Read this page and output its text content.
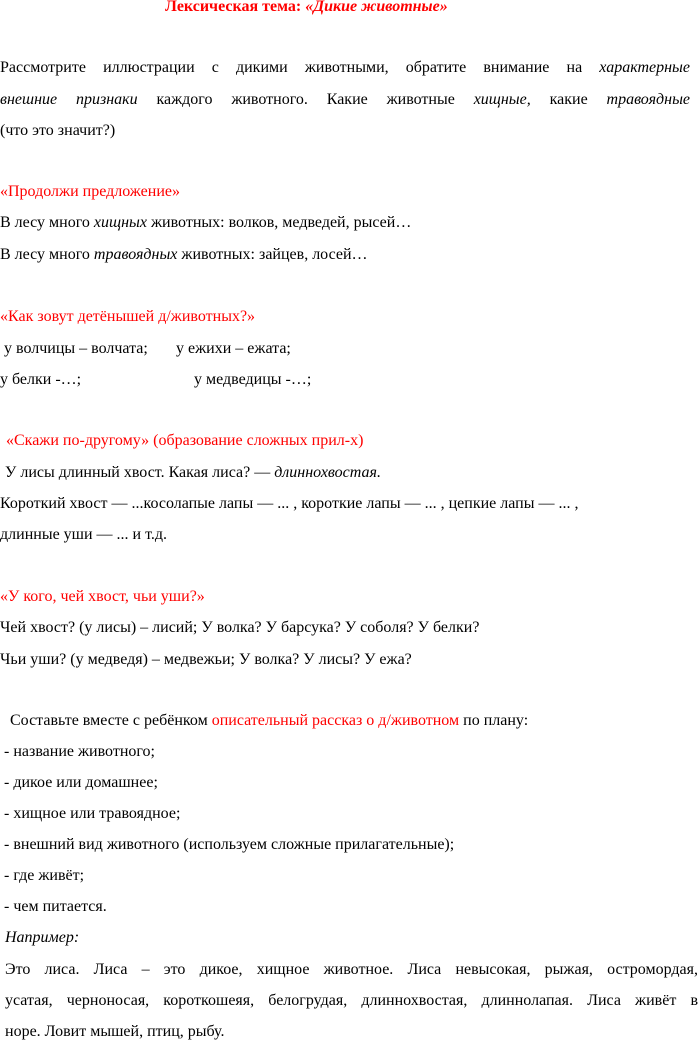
Лексическая тема: «Дикие животные»
Рассмотрите иллюстрации с дикими животными, обратите внимание на характерные
внешние признаки каждого животного. Какие животные хищные, какие травоядные
(что это значит?)
«Продолжи предложение»
В лесу много хищных животных: волков, медведей, рысей…
В лесу много травоядных животных: зайцев, лосей…
«Как зовут детёнышей д/животных?»
у волчицы – волчата; у ежихи – ежата;
у белки -…;	у медведицы -…;
«Скажи по-другому» (образование сложных прил-х)
У лисы длинный хвост. Какая лиса? — длиннохвостая.
Короткий хвост — ...косолапые лапы — ... , короткие лапы — ... , цепкие лапы — ... ,
длинные уши — ... и т.д.
«У кого, чей хвост, чьи уши?»
Чей хвост? (у лисы) – лисий; У волка? У барсука? У соболя? У белки?
Чьи уши? (у медведя) – медвежьи; У волка? У лисы? У ежа?
Составьте вместе с ребёнком описательный рассказ о д/животном по плану:
- название животного;
- дикое или домашнее;
- хищное или травоядное;
- внешний вид животного (используем сложные прилагательные);
- где живёт;
- чем питается.
Например:
Это лиса. Лиса – это дикое, хищное животное. Лиса невысокая, рыжая, остромордая,
усатая, черноносая, короткошеяя, белогрудая, длиннохвостая, длиннолапая. Лиса живёт в
норе. Ловит мышей, птиц, рыбу.
